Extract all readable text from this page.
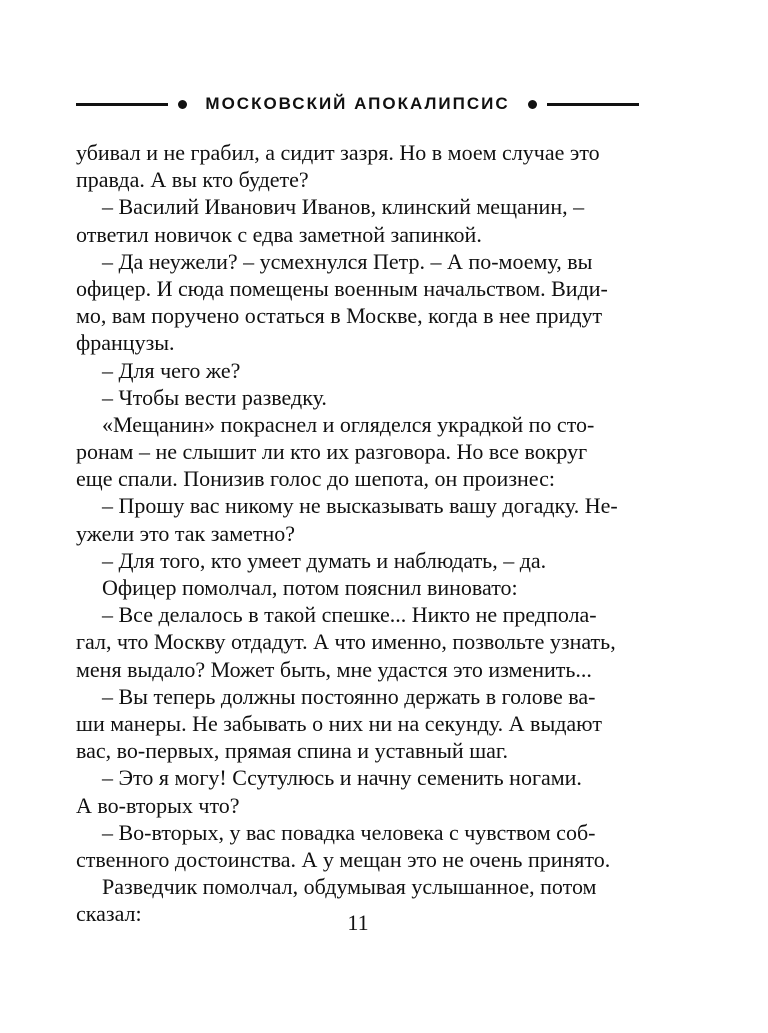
МОСКОВСКИЙ АПОКАЛИПСИС
убивал и не грабил, а сидит зазря. Но в моем случае это
правда. А вы кто будете?
– Василий Иванович Иванов, клинский мещанин, –
ответил новичок с едва заметной запинкой.
– Да неужели? – усмехнулся Петр. – А по-моему, вы
офицер. И сюда помещены военным начальством. Види-
мо, вам поручено остаться в Москве, когда в нее придут
французы.
– Для чего же?
– Чтобы вести разведку.
«Мещанин» покраснел и огляделся украдкой по сто-
ронам – не слышит ли кто их разговора. Но все вокруг
еще спали. Понизив голос до шепота, он произнес:
– Прошу вас никому не высказывать вашу догадку. Не-
ужели это так заметно?
– Для того, кто умеет думать и наблюдать, – да.
Офицер помолчал, потом пояснил виновато:
– Все делалось в такой спешке... Никто не предпола-
гал, что Москву отдадут. А что именно, позвольте узнать,
меня выдало? Может быть, мне удастся это изменить...
– Вы теперь должны постоянно держать в голове ва-
ши манеры. Не забывать о них ни на секунду. А выдают
вас, во-первых, прямая спина и уставный шаг.
– Это я могу! Ссутулюсь и начну семенить ногами.
А во-вторых что?
– Во-вторых, у вас повадка человека с чувством соб-
ственного достоинства. А у мещан это не очень принято.
Разведчик помолчал, обдумывая услышанное, потом
сказал:	11
